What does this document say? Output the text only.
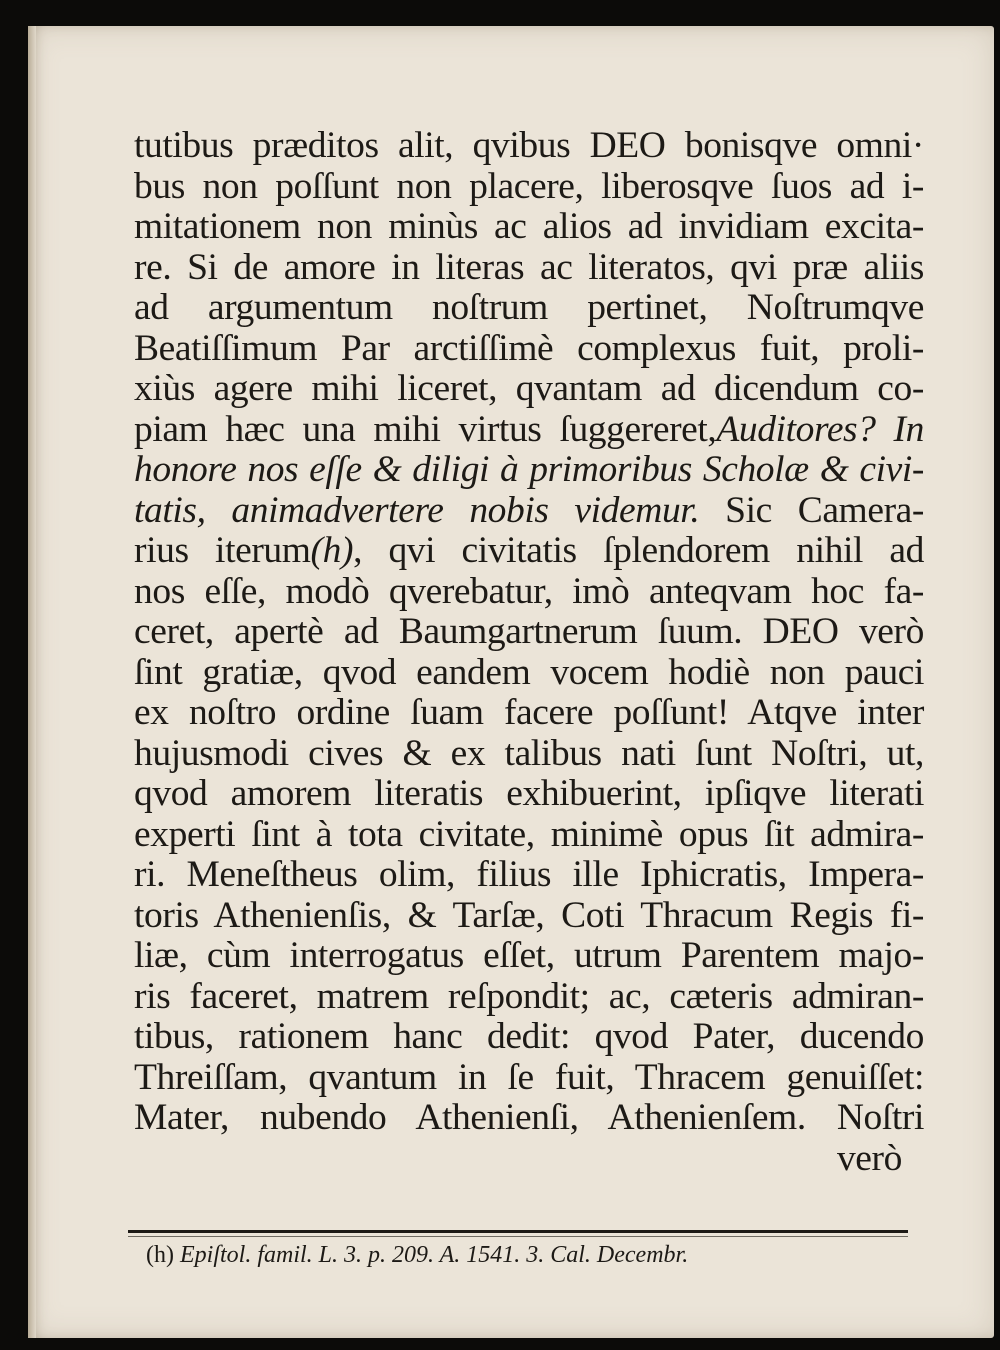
tutibus prӕditos alit, qvibus DEO bonisqve omni·
bus non poſſunt non placere, liberosqve ſuos ad i-
mitationem non minùs ac alios ad invidiam excita-
re. Si de amore in literas ac literatos, qvi prӕ aliis
ad argumentum noſtrum pertinet, Noſtrumqve
Beatiſſimum Par arctiſſimè complexus fuit, proli-
xiùs agere mihi liceret, qvantam ad dicendum co-
piam hӕc una mihi virtus ſuggereret,Auditores? In
honore nos eſſe & diligi à primoribus Scholӕ & civi-
tatis, animadvertere nobis videmur. Sic Camera-
rius iterum(h), qvi civitatis ſplendorem nihil ad
nos eſſe, modò qverebatur, imò anteqvam hoc fa-
ceret, apertè ad Baumgartnerum ſuum. DEO verò
ſint gratiӕ, qvod eandem vocem hodiè non pauci
ex noſtro ordine ſuam facere poſſunt! Atqve inter
hujusmodi cives & ex talibus nati ſunt Noſtri, ut,
qvod amorem literatis exhibuerint, ipſiqve literati
experti ſint à tota civitate, minimè opus ſit admira-
ri. Meneſtheus olim, filius ille Iphicratis, Impera-
toris Athenienſis, & Tarſӕ, Coti Thracum Regis fi-
liӕ, cùm interrogatus eſſet, utrum Parentem majo-
ris faceret, matrem reſpondit; ac, cӕteris admiran-
tibus, rationem hanc dedit: qvod Pater, ducendo
Threiſſam, qvantum in ſe fuit, Thracem genuiſſet:
Mater, nubendo Athenienſi, Athenienſem. Noſtri
verò
(h) Epiſtol. famil. L. 3. p. 209. A. 1541. 3. Cal. Decembr.
